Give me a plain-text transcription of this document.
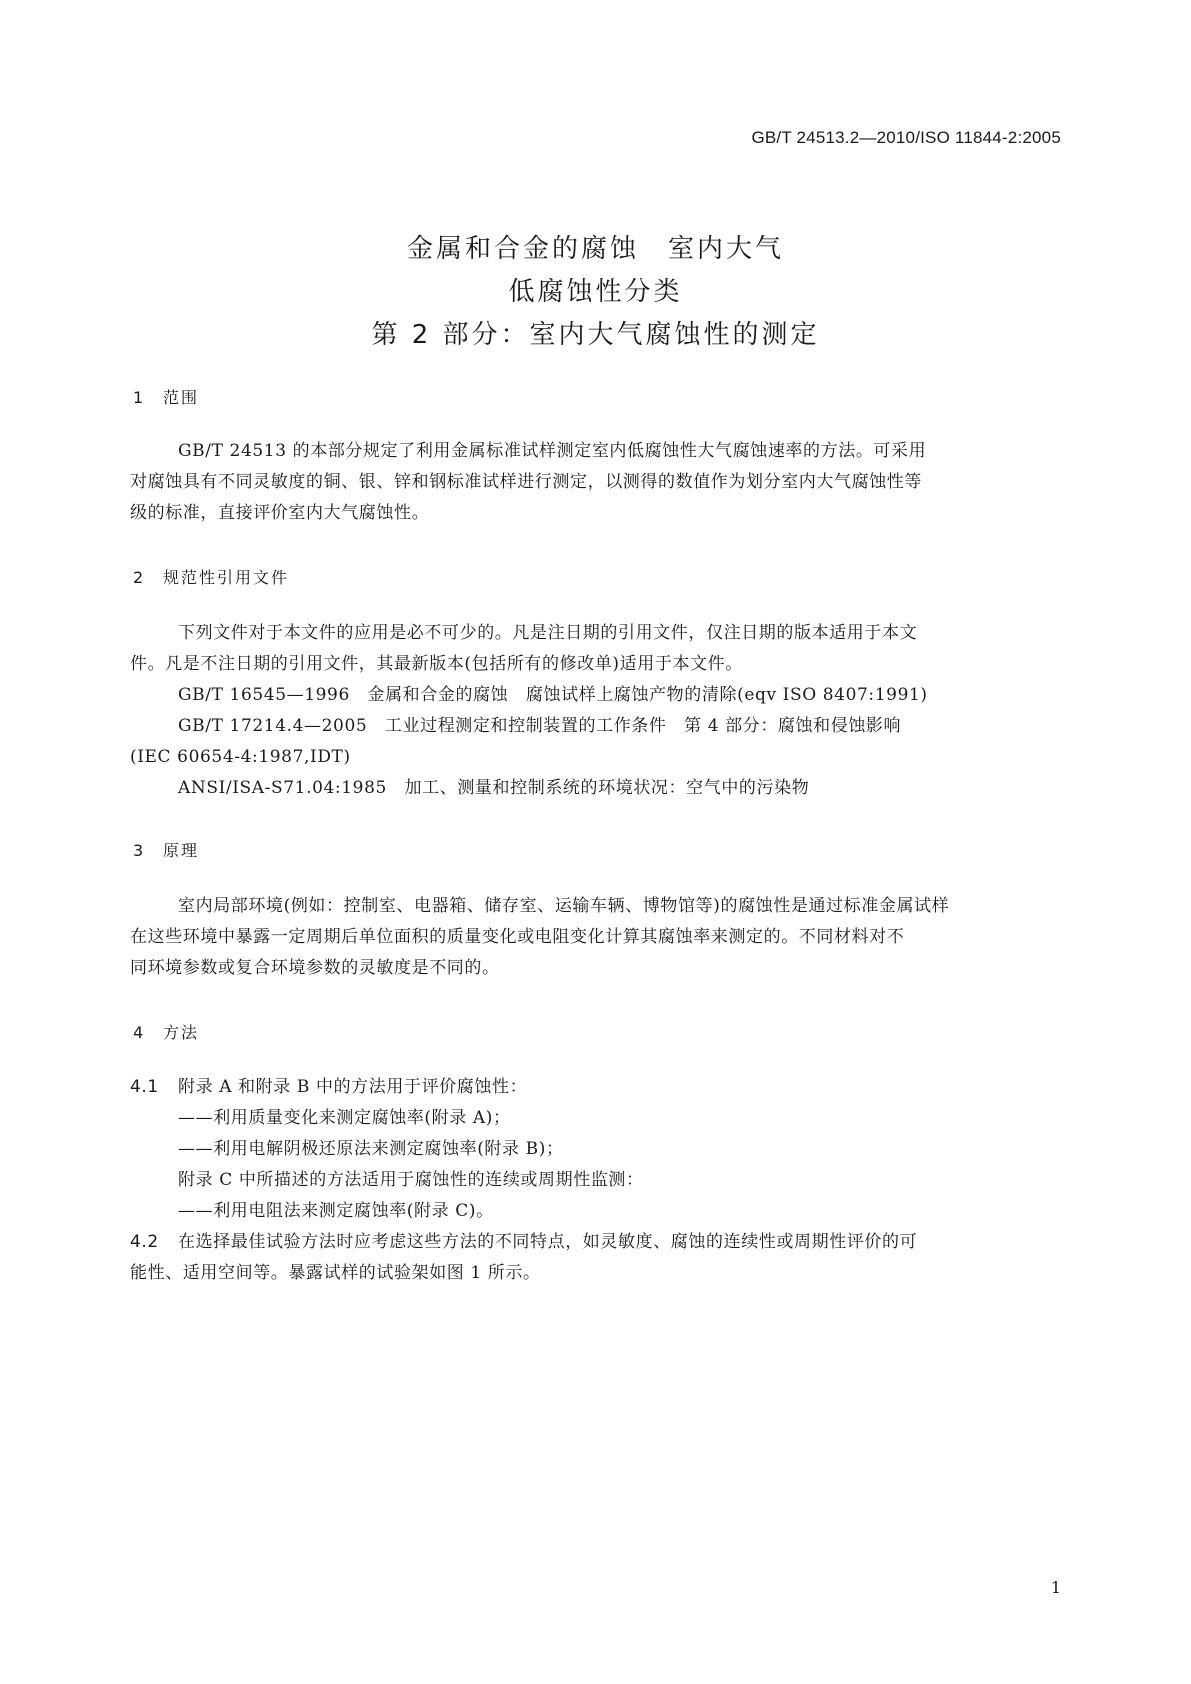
GB/T 24513.2—2010/ISO 11844-2:2005
金属和合金的腐蚀　室内大气
低腐蚀性分类
第 2 部分：室内大气腐蚀性的测定
1 范围
GB/T 24513 的本部分规定了利用金属标准试样测定室内低腐蚀性大气腐蚀速率的方法。可采用
对腐蚀具有不同灵敏度的铜、银、锌和钢标准试样进行测定，以测得的数值作为划分室内大气腐蚀性等
级的标准，直接评价室内大气腐蚀性。
2 规范性引用文件
下列文件对于本文件的应用是必不可少的。凡是注日期的引用文件，仅注日期的版本适用于本文
件。凡是不注日期的引用文件，其最新版本(包括所有的修改单)适用于本文件。
GB/T 16545—1996　金属和合金的腐蚀　腐蚀试样上腐蚀产物的清除(eqv ISO 8407:1991)
GB/T 17214.4—2005　工业过程测定和控制装置的工作条件　第 4 部分：腐蚀和侵蚀影响
(IEC 60654-4:1987,IDT)
ANSI/ISA-S71.04:1985　加工、测量和控制系统的环境状况：空气中的污染物
3 原理
室内局部环境(例如：控制室、电器箱、储存室、运输车辆、博物馆等)的腐蚀性是通过标准金属试样
在这些环境中暴露一定周期后单位面积的质量变化或电阻变化计算其腐蚀率来测定的。不同材料对不
同环境参数或复合环境参数的灵敏度是不同的。
4 方法
4.1 附录 A 和附录 B 中的方法用于评价腐蚀性：
——利用质量变化来测定腐蚀率(附录 A)；
——利用电解阴极还原法来测定腐蚀率(附录 B)；
附录 C 中所描述的方法适用于腐蚀性的连续或周期性监测：
——利用电阻法来测定腐蚀率(附录 C)。
4.2 在选择最佳试验方法时应考虑这些方法的不同特点，如灵敏度、腐蚀的连续性或周期性评价的可
能性、适用空间等。暴露试样的试验架如图 1 所示。
1
